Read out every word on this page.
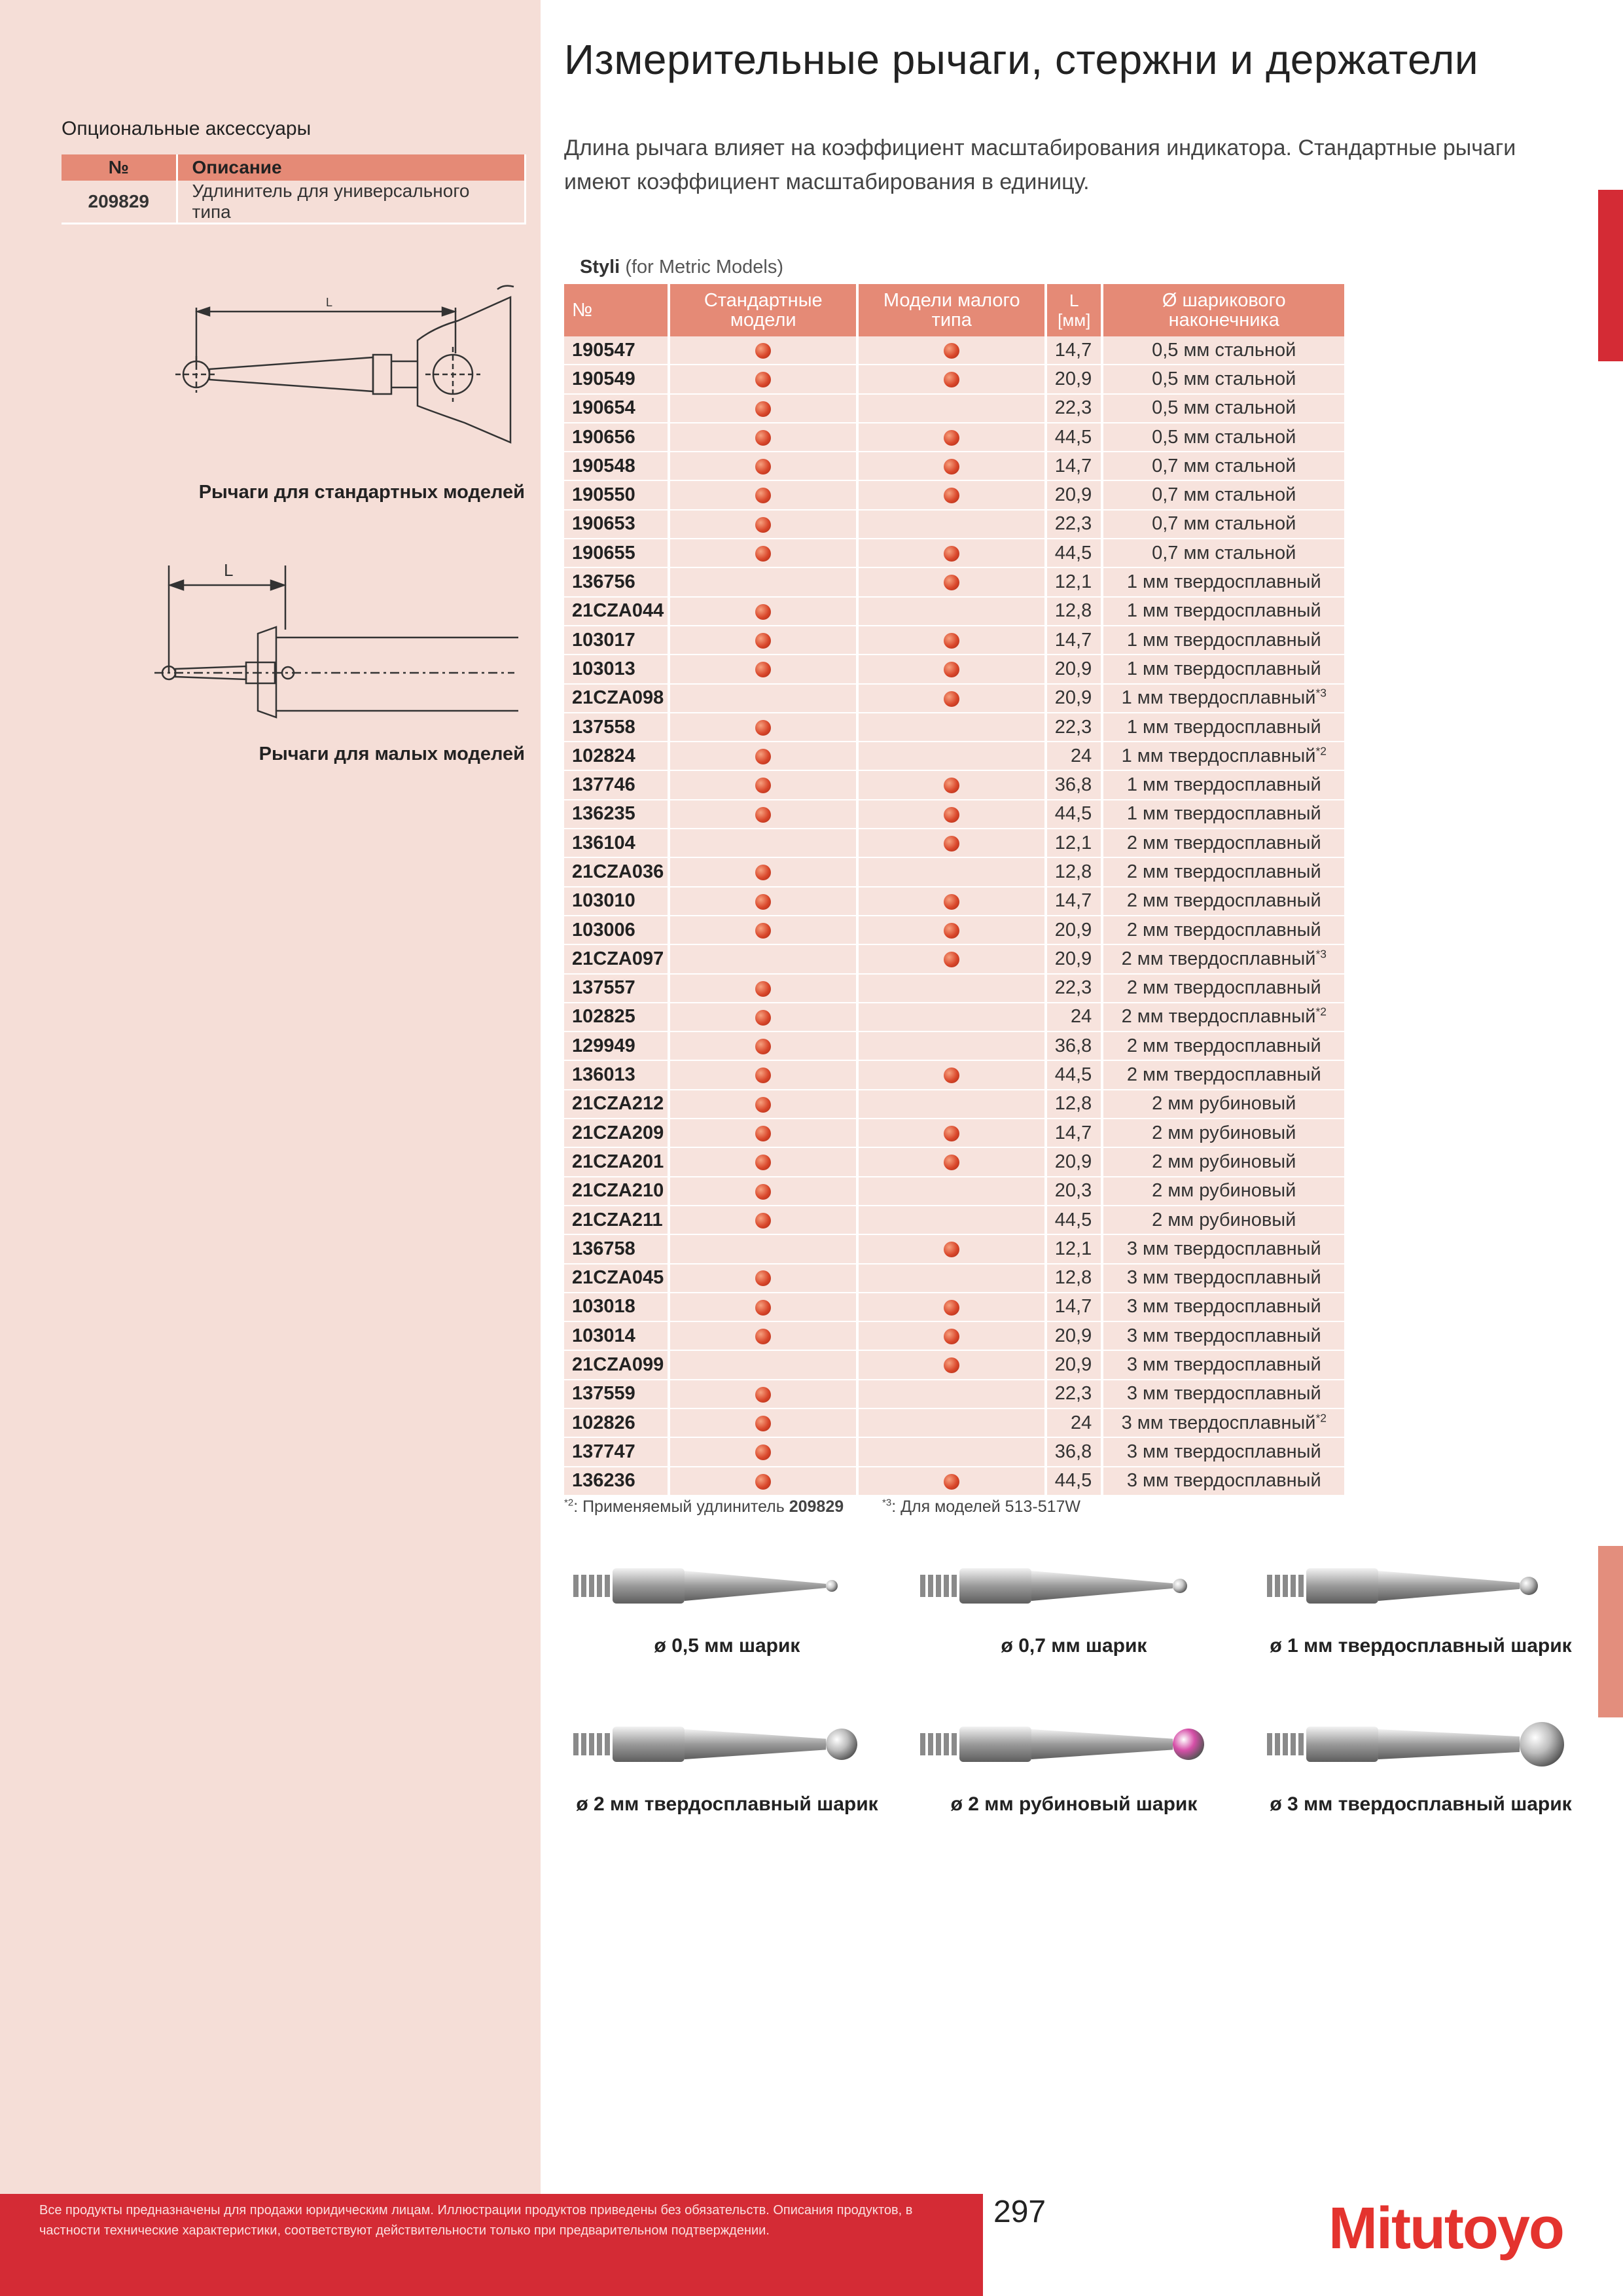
Измерительные рычаги, стержни и держатели

Длина рычага влияет на коэффициент масштабирования индикатора. Стандартные рычаги имеют коэффициент масштабирования в единицу.

Опциональные аксессуары
№	Описание
209829	Удлинитель для универсального типа
L
Рычаги для стандартных моделей
L
Рычаги для малых моделей
Styli (for Metric Models)
№	Стандартные модели	Модели малого типа	L
[мм]	Ø шарикового наконечника
190547			14,7	0,5 мм стальной
190549			20,9	0,5 мм стальной
190654			22,3	0,5 мм стальной
190656			44,5	0,5 мм стальной
190548			14,7	0,7 мм стальной
190550			20,9	0,7 мм стальной
190653			22,3	0,7 мм стальной
190655			44,5	0,7 мм стальной
136756			12,1	1 мм твердосплавный
21CZA044			12,8	1 мм твердосплавный
103017			14,7	1 мм твердосплавный
103013			20,9	1 мм твердосплавный
21CZA098			20,9	1 мм твердосплавный$^{*3}$
137558			22,3	1 мм твердосплавный
102824			24	1 мм твердосплавный$^{*2}$
137746			36,8	1 мм твердосплавный
136235			44,5	1 мм твердосплавный
136104			12,1	2 мм твердосплавный
21CZA036			12,8	2 мм твердосплавный
103010			14,7	2 мм твердосплавный
103006			20,9	2 мм твердосплавный
21CZA097			20,9	2 мм твердосплавный$^{*3}$
137557			22,3	2 мм твердосплавный
102825			24	2 мм твердосплавный$^{*2}$
129949			36,8	2 мм твердосплавный
136013			44,5	2 мм твердосплавный
21CZA212			12,8	2 мм рубиновый
21CZA209			14,7	2 мм рубиновый
21CZA201			20,9	2 мм рубиновый
21CZA210			20,3	2 мм рубиновый
21CZA211			44,5	2 мм рубиновый
136758			12,1	3 мм твердосплавный
21CZA045			12,8	3 мм твердосплавный
103018			14,7	3 мм твердосплавный
103014			20,9	3 мм твердосплавный
21CZA099			20,9	3 мм твердосплавный
137559			22,3	3 мм твердосплавный
102826			24	3 мм твердосплавный$^{*2}$
137747			36,8	3 мм твердосплавный
136236			44,5	3 мм твердосплавный
$^{*2}$: Применяемый удлинитель 209829	$^{*3}$: Для моделей 513-517W
ø 0,5 мм шарик	ø 0,7 мм шарик	ø 1 мм твердосплавный шарик
ø 2 мм твердосплавный шарик	ø 2 мм рубиновый шарик	ø 3 мм твердосплавный шарик
Все продукты предназначены для продажи юридическим лицам. Иллюстрации продуктов приведены без обязательств. Описания продуктов, в частности технические характеристики, соответствуют действительности только при предварительном подтверждении.
297	Mitutoyo
